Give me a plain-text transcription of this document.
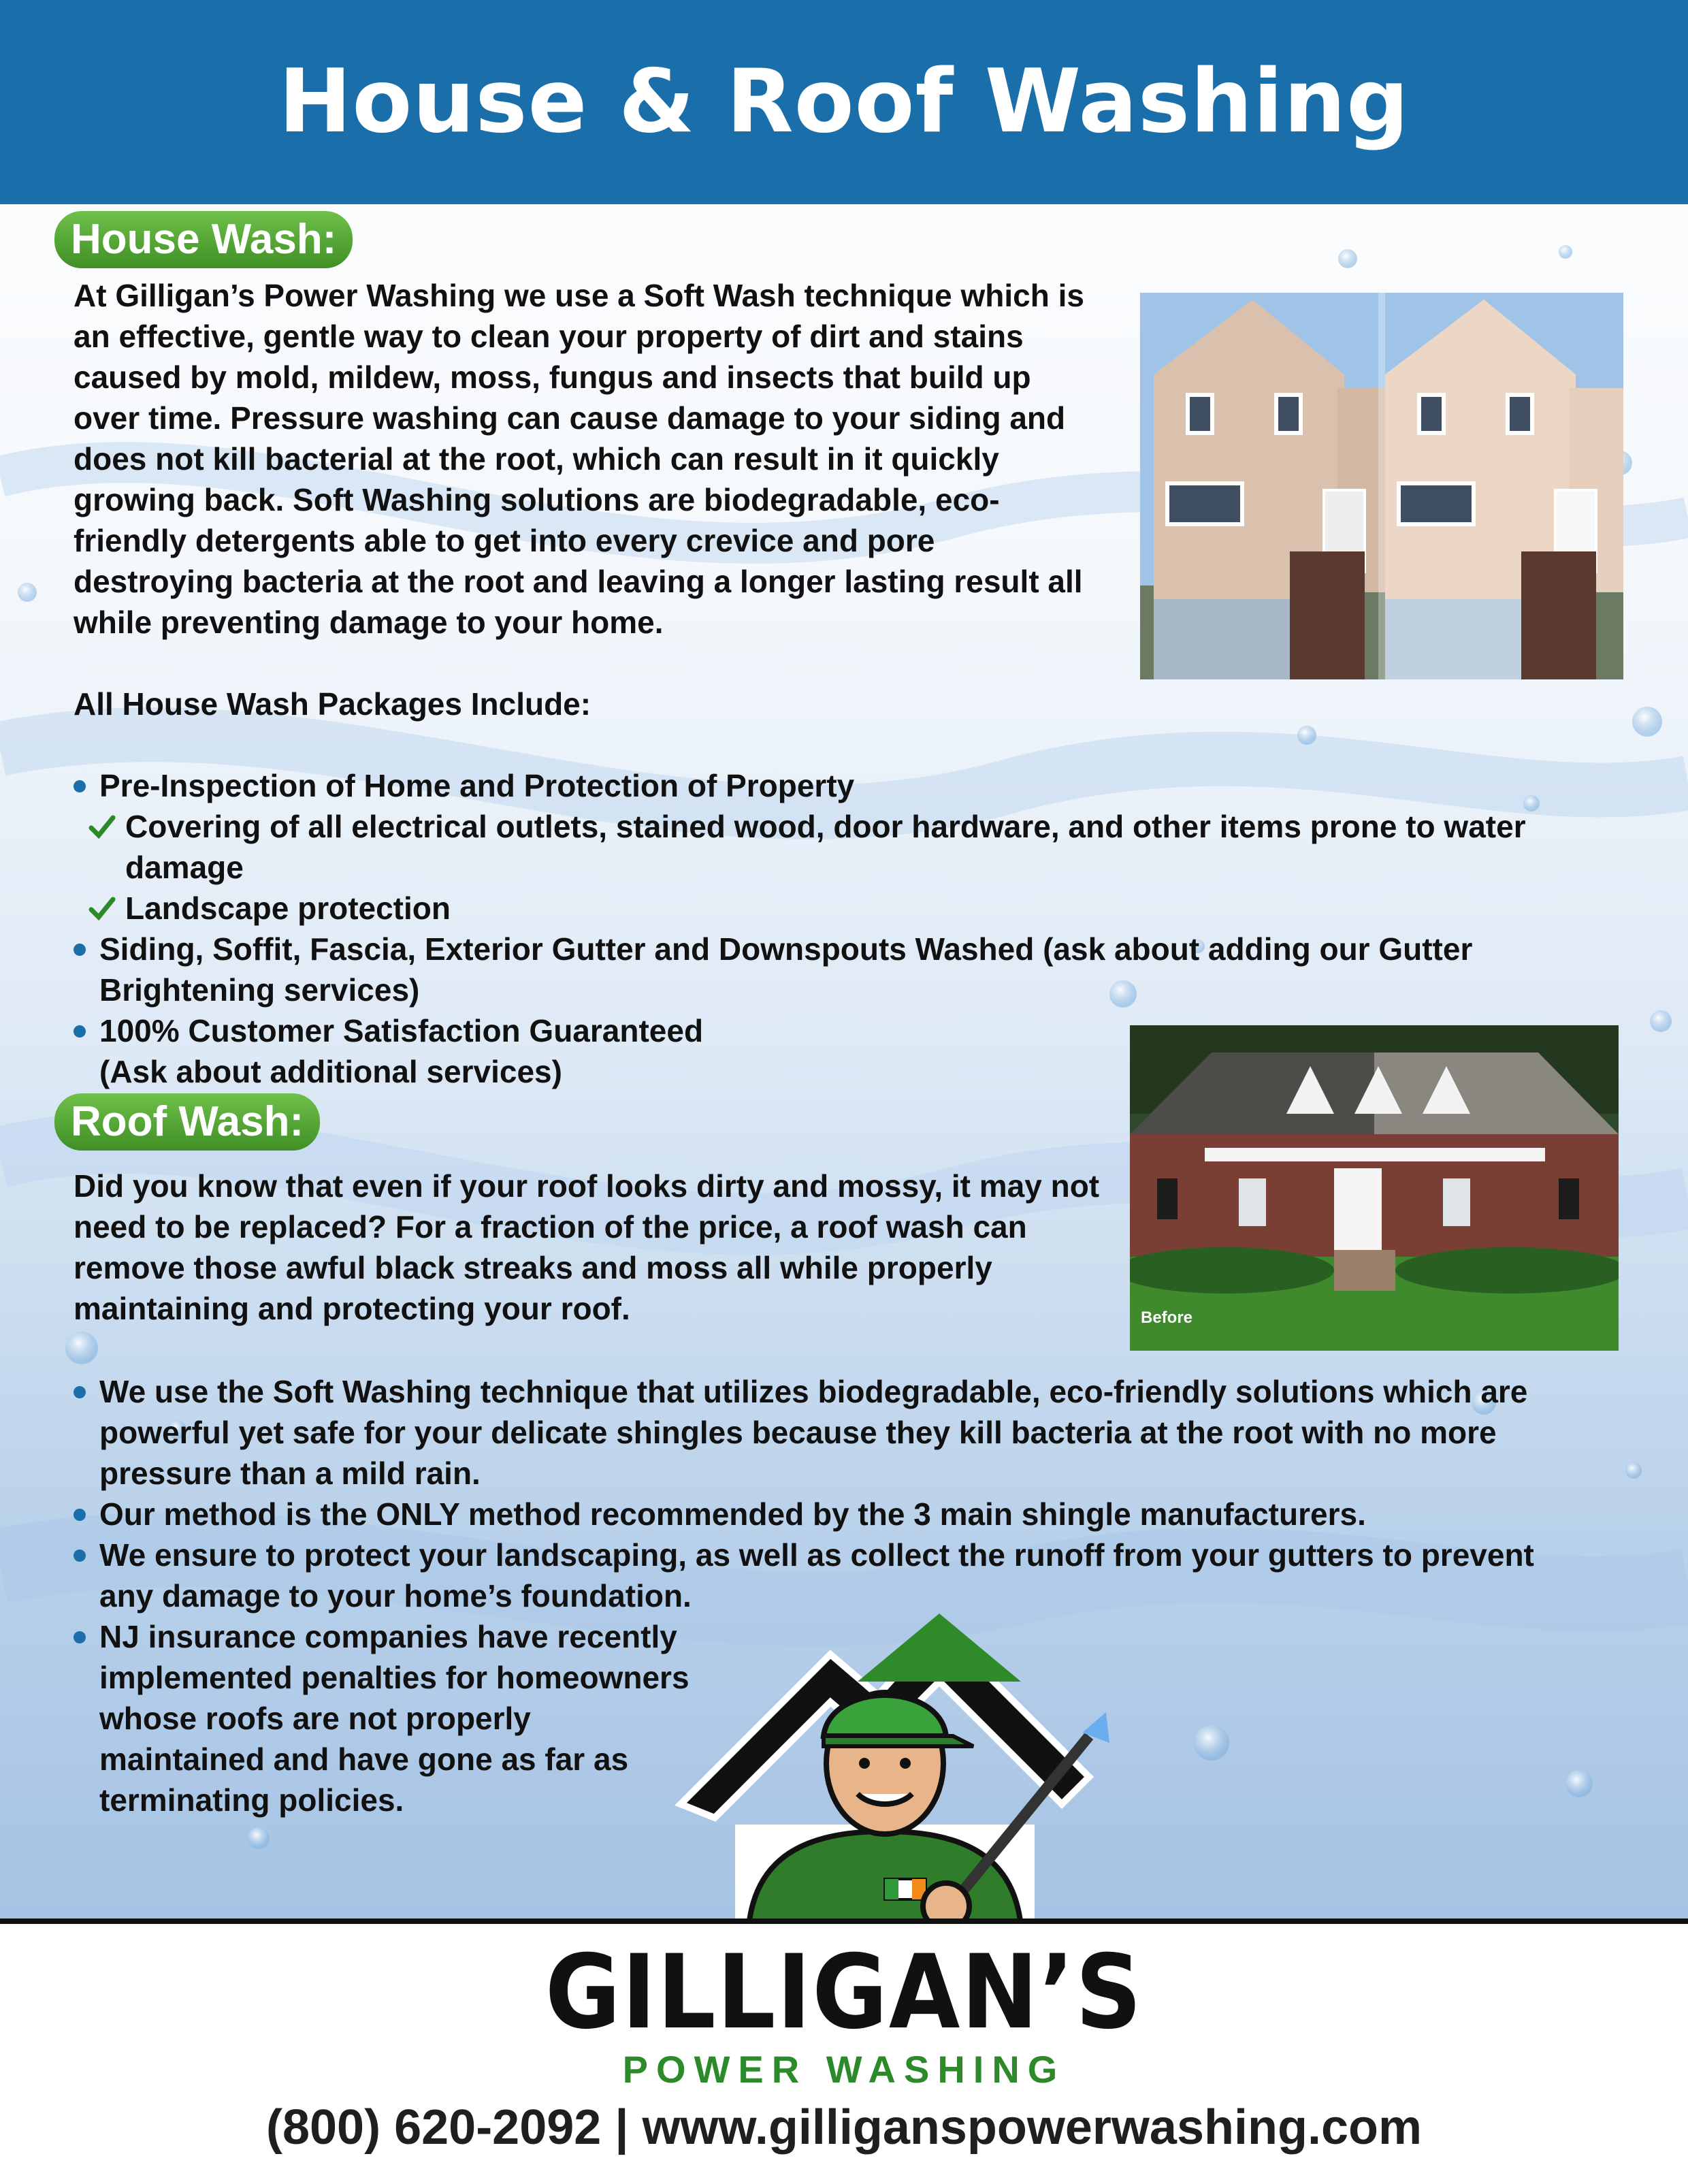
House & Roof Washing
House Wash:

At Gilligan’s Power Washing we use a Soft Wash technique which is an effective, gentle way to clean your property of dirt and stains caused by mold, mildew, moss, fungus and insects that build up over time. Pressure washing can cause damage to your siding and does not kill bacterial at the root, which can result in it quickly growing back. Soft Washing solutions are biodegradable, eco-friendly detergents able to get into every crevice and pore destroying bacteria at the root and leaving a longer lasting result all while preventing damage to your home.

All House Wash Packages Include:

Pre-Inspection of Home and Protection of Property
Covering of all electrical outlets, stained wood, door hardware, and other items prone to water damage
Landscape protection
Siding, Soffit, Fascia, Exterior Gutter and Downspouts Washed (ask about adding our Gutter Brightening services)
100% Customer Satisfaction Guaranteed
(Ask about additional services)
Roof Wash:

Did you know that even if your roof looks dirty and mossy, it may not need to be replaced? For a fraction of the price, a roof wash can remove those awful black streaks and moss all while properly maintaining and protecting your roof.	Before
We use the Soft Washing technique that utilizes biodegradable, eco-friendly solutions which are powerful yet safe for your delicate shingles because they kill bacteria at the root with no more pressure than a mild rain.
Our method is the ONLY method recommended by the 3 main shingle manufacturers.
We ensure to protect your landscaping, as well as collect the runoff from your gutters to prevent any damage to your home’s foundation.
NJ insurance companies have recently implemented penalties for homeowners whose roofs are not properly maintained and have gone as far as terminating policies.
GILLIGAN’S
POWER WASHING
(800) 620-2092 | www.gilliganspowerwashing.com
